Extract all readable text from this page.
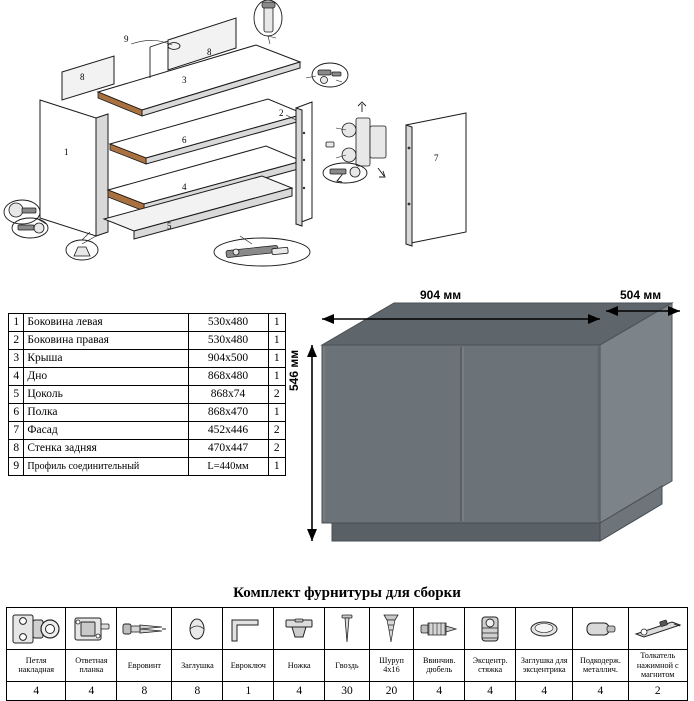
3
8
8
9
1
6
4
5
2
7
1	Боковина левая	530х480	1
2	Боковина правая	530х480	1
3	Крыша	904х500	1
4	Дно	868х480	1
5	Цоколь	868х74	2
6	Полка	868х470	1
7	Фасад	452х446	2
8	Стенка задняя	470х447	2
9	Профиль соединительный	L=440мм	1
904 мм	504 мм
546 мм
Комплект фурнитуры для сборки

Петля накладная	Ответная планка	Евровинт	Заглушка	Евроключ	Ножка	Гвоздь	Шуруп 4х16	Ввинчив. дюбель	Эксцентр. стяжка	Заглушка для эксцентрика	Подкодерж. металлич.	Толкатель нажимной с магнитом
4	4	8	8	1	4	30	20	4	4	4	4	2
